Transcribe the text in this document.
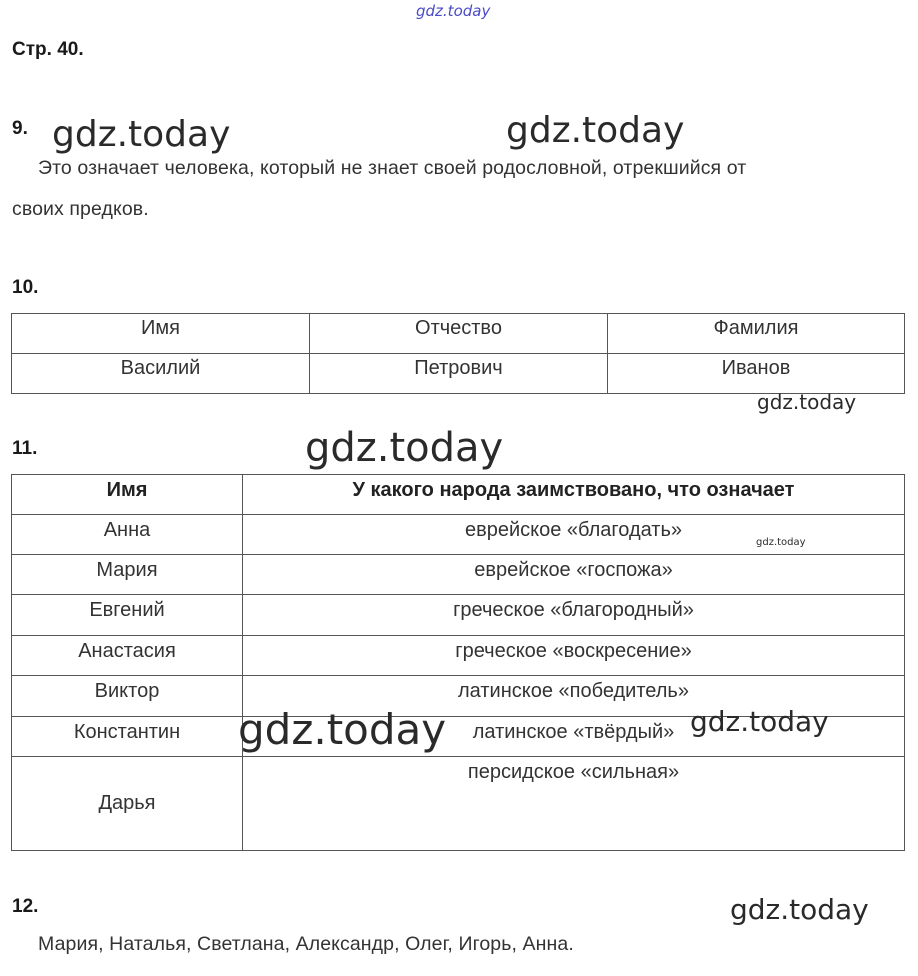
Стр. 40.
9.
Это означает человека, который не знает своей родословной, отрекшийся от
своих предков.
10.
Имя	Отчество	Фамилия
Василий	Петрович	Иванов
11.
Имя	У какого народа заимствовано, что означает
Анна	еврейское «благодать»
Мария	еврейское «госпожа»
Евгений	греческое «благородный»
Анастасия	греческое «воскресение»
Виктор	латинское «победитель»
Константин	латинское «твёрдый»
Дарья	персидское «сильная»
12.
Мария, Наталья, Светлана, Александр, Олег, Игорь, Анна.
gdz.today
gdz.today	gdz.today
gdz.today
gdz.today
gdz.today
gdz.today	gdz.today
gdz.today
